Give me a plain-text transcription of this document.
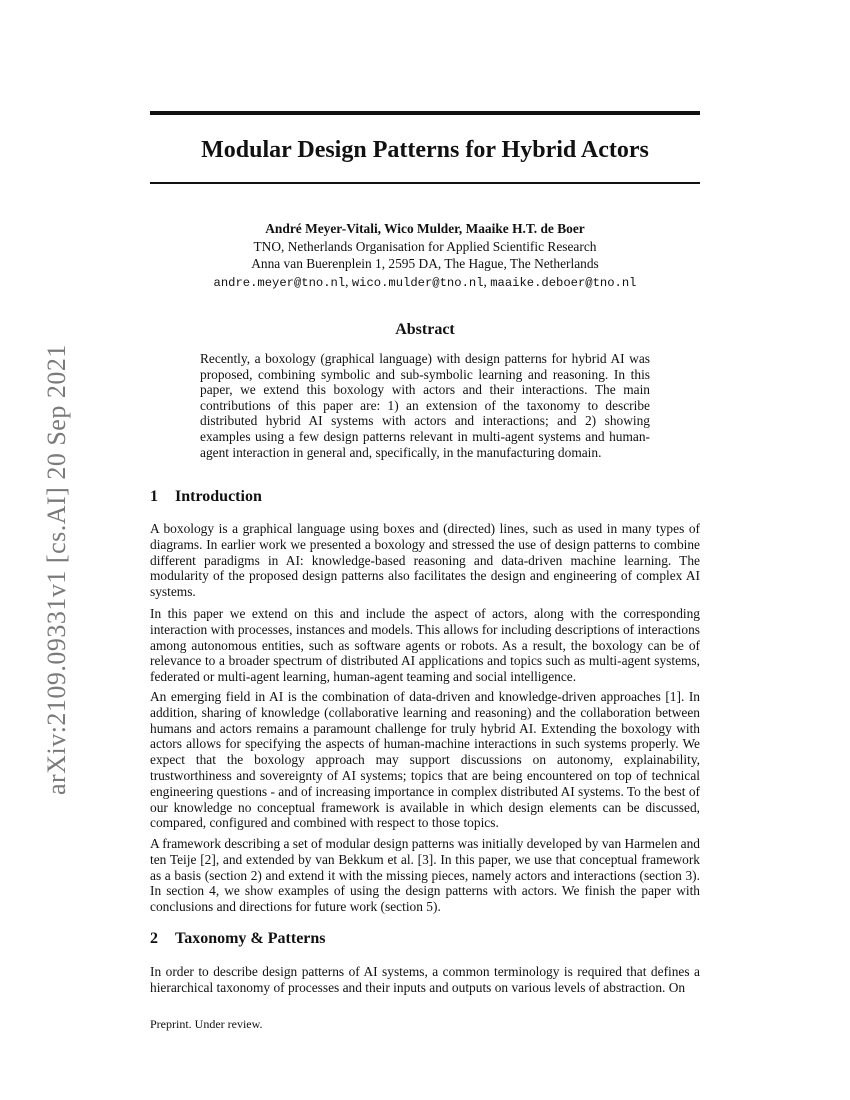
arXiv:2109.09331v1 [cs.AI] 20 Sep 2021
Modular Design Patterns for Hybrid Actors
André Meyer-Vitali, Wico Mulder, Maaike H.T. de Boer
TNO, Netherlands Organisation for Applied Scientific Research
Anna van Buerenplein 1, 2595 DA, The Hague, The Netherlands
andre.meyer@tno.nl, wico.mulder@tno.nl, maaike.deboer@tno.nl
Abstract

Recently, a boxology (graphical language) with design patterns for hybrid AI was proposed, combining symbolic and sub-symbolic learning and reasoning. In this paper, we extend this boxology with actors and their interactions. The main contributions of this paper are: 1) an extension of the taxonomy to describe distributed hybrid AI systems with actors and interactions; and 2) showing examples using a few design patterns relevant in multi-agent systems and human-agent interaction in general and, specifically, in the manufacturing domain.

1 Introduction

A boxology is a graphical language using boxes and (directed) lines, such as used in many types of diagrams. In earlier work we presented a boxology and stressed the use of design patterns to combine different paradigms in AI: knowledge-based reasoning and data-driven machine learning. The modularity of the proposed design patterns also facilitates the design and engineering of complex AI systems.

In this paper we extend on this and include the aspect of actors, along with the corresponding interaction with processes, instances and models. This allows for including descriptions of interactions among autonomous entities, such as software agents or robots. As a result, the boxology can be of relevance to a broader spectrum of distributed AI applications and topics such as multi-agent systems, federated or multi-agent learning, human-agent teaming and social intelligence.

An emerging field in AI is the combination of data-driven and knowledge-driven approaches [1]. In addition, sharing of knowledge (collaborative learning and reasoning) and the collaboration between humans and actors remains a paramount challenge for truly hybrid AI. Extending the boxology with actors allows for specifying the aspects of human-machine interactions in such systems properly. We expect that the boxology approach may support discussions on autonomy, explainability, trustworthiness and sovereignty of AI systems; topics that are being encountered on top of technical engineering questions - and of increasing importance in complex distributed AI systems. To the best of our knowledge no conceptual framework is available in which design elements can be discussed, compared, configured and combined with respect to those topics.

A framework describing a set of modular design patterns was initially developed by van Harmelen and ten Teije [2], and extended by van Bekkum et al. [3]. In this paper, we use that conceptual framework as a basis (section 2) and extend it with the missing pieces, namely actors and interactions (section 3). In section 4, we show examples of using the design patterns with actors. We finish the paper with conclusions and directions for future work (section 5).

2 Taxonomy & Patterns

In order to describe design patterns of AI systems, a common terminology is required that defines a hierarchical taxonomy of processes and their inputs and outputs on various levels of abstraction. On

Preprint. Under review.
